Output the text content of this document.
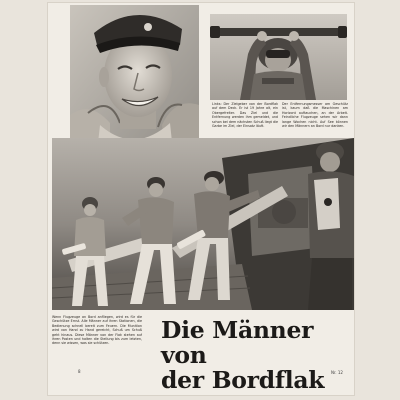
Links: Der Zielgeber von der Bordflak auf dem Deck. Er ist 19 Jahre alt, ein Obergefreiter. Das Ziel und die Entfernung werden ihm gemeldet, und schon bei dem nächsten Schuß liegt die Garbe im Ziel, der Einsatz läuft.
Der Entfernungsmesser am Geschütz ist, kaum daß die Maschinen am Horizont auftauchen, an der Arbeit. Feindliche Flugzeuge sehen wir dann lange Wochen nicht. Auf See können wir den Männern an Bord nur danken.
Wenn Flugzeuge an Bord anfliegen, wird es für die Geschütze Ernst. Alle Männer auf ihren Stationen, die Bedienung schnell bereit zum Feuern. Die Munition wird von Hand zu Hand gereicht, Schuß um Schuß geht hinaus. Diese Männer von der Flak stehen auf ihren Posten und halten die Stellung bis zum letzten, denn sie wissen, was sie schützen.	Die Männer von
der Bordflak
8	Nr. 12
